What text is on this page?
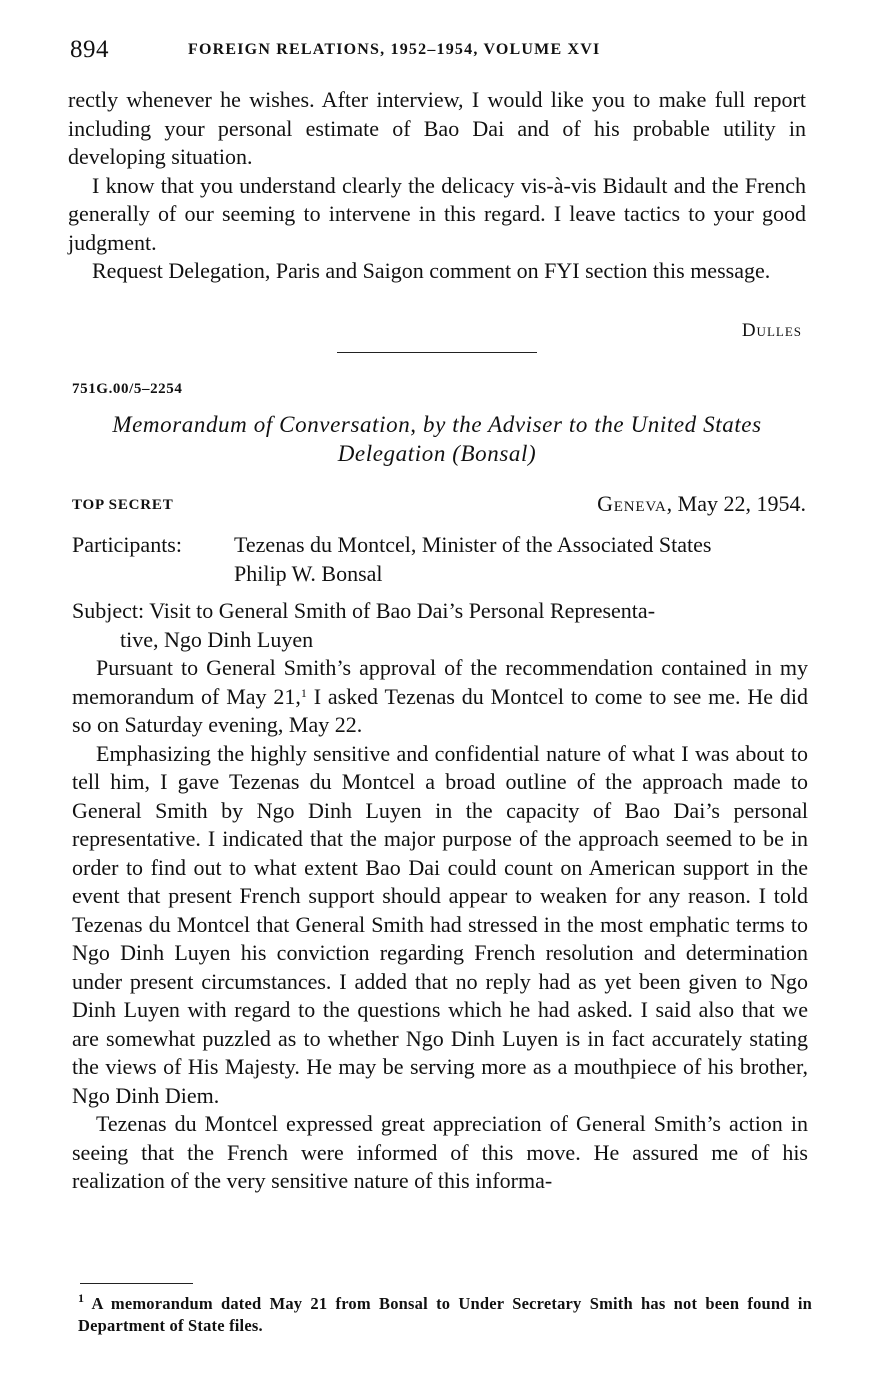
894	FOREIGN RELATIONS, 1952–1954, VOLUME XVI

rectly whenever he wishes. After interview, I would like you to make full report including your personal estimate of Bao Dai and of his probable utility in developing situation.

I know that you understand clearly the delicacy vis-à-vis Bidault and the French generally of our seeming to intervene in this regard. I leave tactics to your good judgment.

Request Delegation, Paris and Saigon comment on FYI section this message.

Dulles
751G.00/5–2254
Memorandum of Conversation, by the Adviser to the United States
Delegation (Bonsal)
TOP SECRET	Geneva, May 22, 1954.
Participants: Tezenas du Montcel, Minister of the Associated States
Philip W. Bonsal
Subject: Visit to General Smith of Bao Dai’s Personal Representa-
tive, Ngo Dinh Luyen

Pursuant to General Smith’s approval of the recommendation contained in my memorandum of May 21,$^1$ I asked Tezenas du Montcel to come to see me. He did so on Saturday evening, May 22.

Emphasizing the highly sensitive and confidential nature of what I was about to tell him, I gave Tezenas du Montcel a broad outline of the approach made to General Smith by Ngo Dinh Luyen in the capacity of Bao Dai’s personal representative. I indicated that the major purpose of the approach seemed to be in order to find out to what extent Bao Dai could count on American support in the event that present French support should appear to weaken for any reason. I told Tezenas du Montcel that General Smith had stressed in the most emphatic terms to Ngo Dinh Luyen his conviction regarding French resolution and determination under present circumstances. I added that no reply had as yet been given to Ngo Dinh Luyen with regard to the questions which he had asked. I said also that we are somewhat puzzled as to whether Ngo Dinh Luyen is in fact accurately stating the views of His Majesty. He may be serving more as a mouthpiece of his brother, Ngo Dinh Diem.

Tezenas du Montcel expressed great appreciation of General Smith’s action in seeing that the French were informed of this move. He assured me of his realization of the very sensitive nature of this informa-

$^1$ A memorandum dated May 21 from Bonsal to Under Secretary Smith has not been found in Department of State files.
